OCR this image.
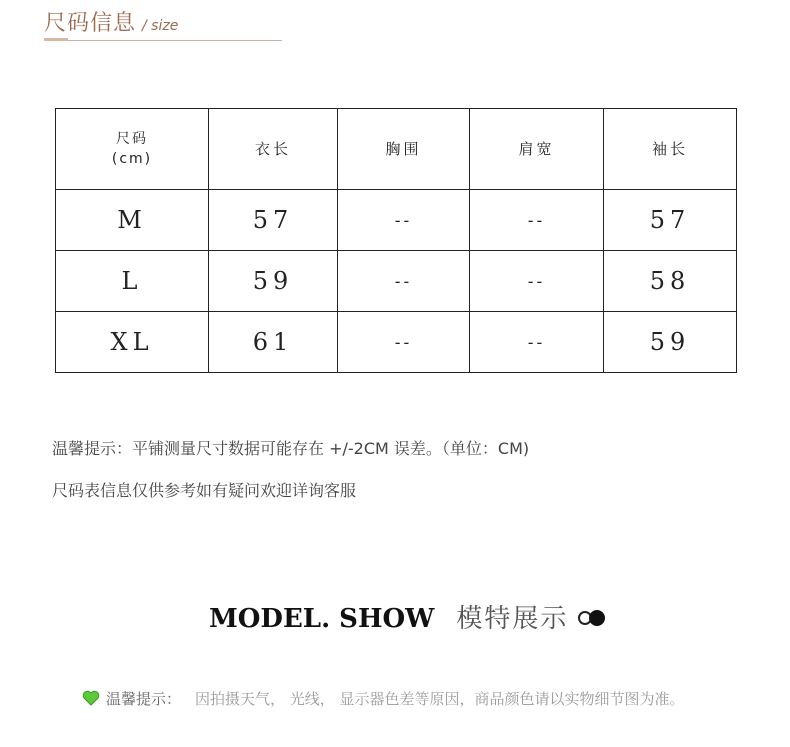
尺码信息 / size
尺码
(cm)	衣长	胸围	肩宽	袖长
M	57	--	--	57
L	59	--	--	58
XL	61	--	--	59
温馨提示：平铺测量尺寸数据可能存在 +/-2CM 误差。（单位：CM)
尺码表信息仅供参考如有疑问欢迎详询客服
MODEL. SHOW 模特展示
温馨提示： 因拍摄天气， 光线， 显示器色差等原因，商品颜色请以实物细节图为准。
